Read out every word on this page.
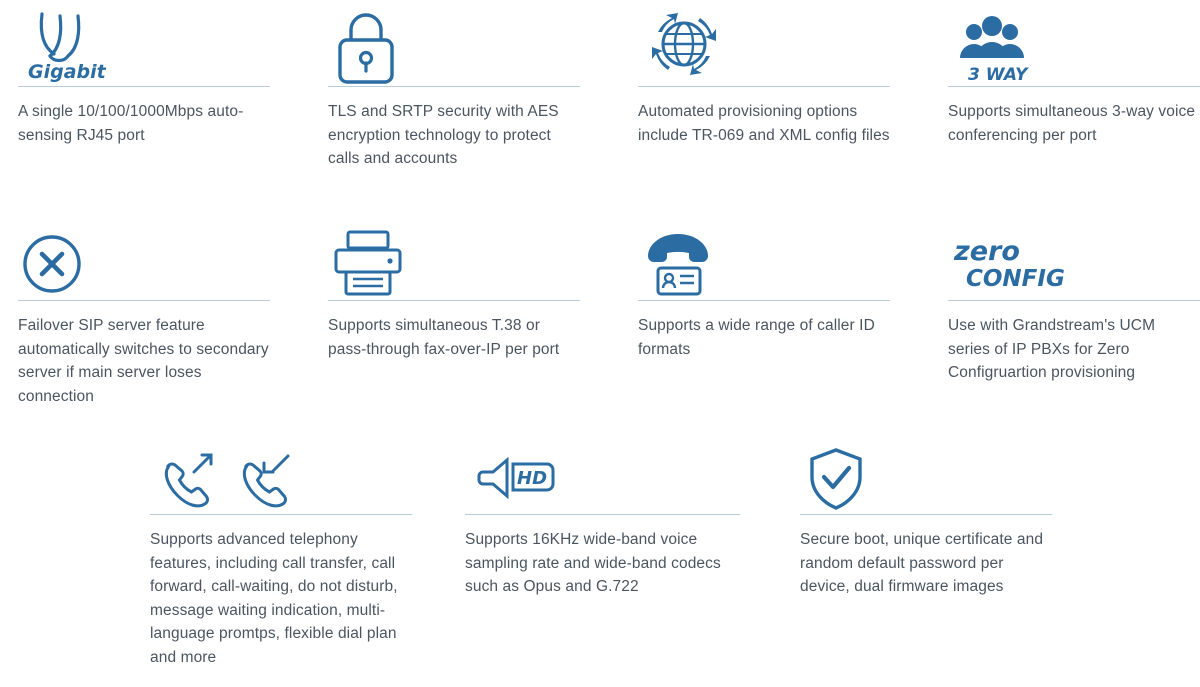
Gigabit
A single 10/100/1000Mbps auto-sensing RJ45 port
TLS and SRTP security with AES encryption technology to protect calls and accounts
Automated provisioning options include TR-069 and XML config files
3 WAY
Supports simultaneous 3-way voice conferencing per port
Failover SIP server feature automatically switches to secondary server if main server loses connection
Supports simultaneous T.38 or pass-through fax-over-IP per port
Supports a wide range of caller ID formats
zero
CONFIG
Use with Grandstream's UCM series of IP PBXs for Zero Configruartion provisioning
Supports advanced telephony features, including call transfer, call forward, call-waiting, do not disturb, message waiting indication, multi-language promtps, flexible dial plan and more
HD
Supports 16KHz wide-band voice sampling rate and wide-band codecs such as Opus and G.722
Secure boot, unique certificate and random default password per device, dual firmware images
